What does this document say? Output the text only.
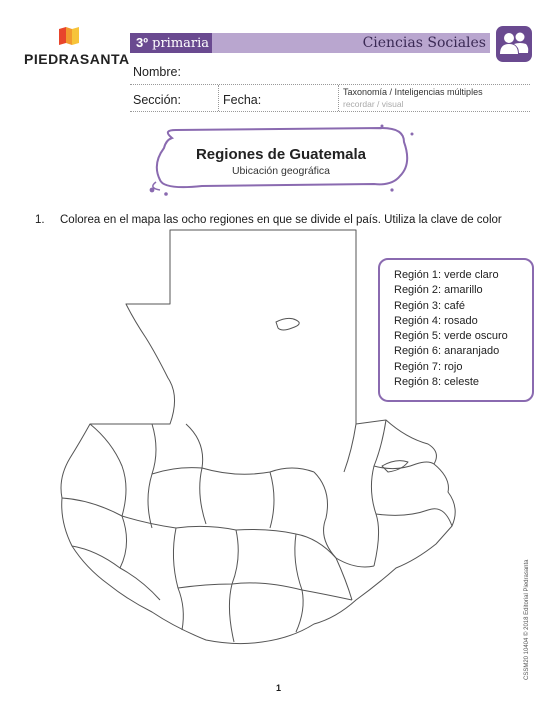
PIEDRASANTA
3º primaria	Ciencias Sociales
Nombre:
Sección:	Fecha:
Taxonomía / Inteligencias múltiples
recordar / visual
Regiones de Guatemala
Ubicación geográfica
1. Colorea en el mapa las ocho regiones en que se divide el país. Utiliza la clave de color
Región 1: verde claro
Región 2: amarillo
Región 3: café
Región 4: rosado
Región 5: verde oscuro
Región 6: anaranjado
Región 7: rojo
Región 8: celeste
1
CSSM20 10404 © 2018 Editorial Piedrasanta
